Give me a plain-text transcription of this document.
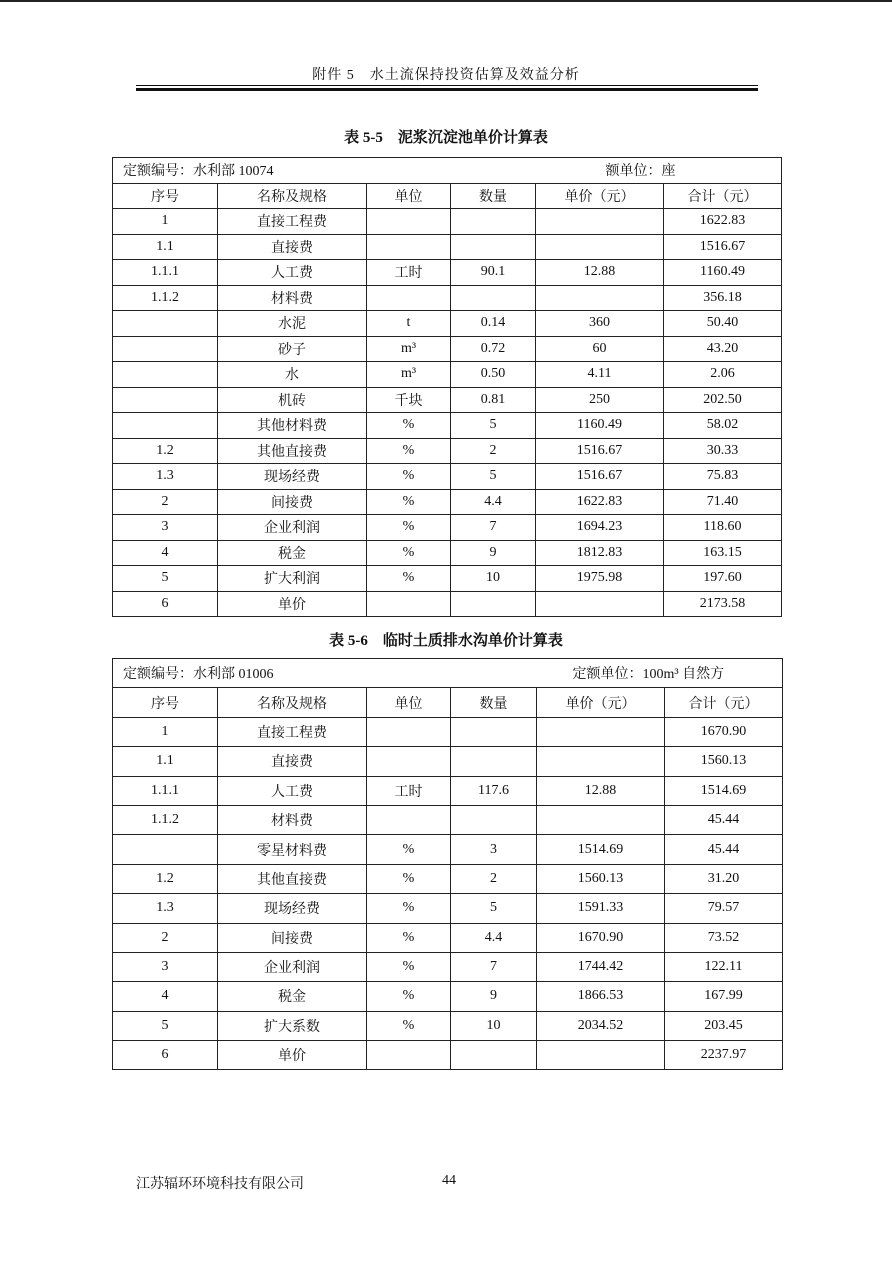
附件 5　水土流保持投资估算及效益分析
表 5-5　泥浆沉淀池单价计算表
定额编号：水利部 10074				额单位：座	
序号	名称及规格	单位	数量	单价（元）	合计（元）
1	直接工程费				1622.83
1.1	直接费				1516.67
1.1.1	人工费	工时	90.1	12.88	1160.49
1.1.2	材料费				356.18
	水泥	t	0.14	360	50.40
	砂子	m³	0.72	60	43.20
	水	m³	0.50	4.11	2.06
	机砖	千块	0.81	250	202.50
	其他材料费	%	5	1160.49	58.02
1.2	其他直接费	%	2	1516.67	30.33
1.3	现场经费	%	5	1516.67	75.83
2	间接费	%	4.4	1622.83	71.40
3	企业利润	%	7	1694.23	118.60
4	税金	%	9	1812.83	163.15
5	扩大利润	%	10	1975.98	197.60
6	单价				2173.58
表 5-6　临时土质排水沟单价计算表
定额编号：水利部 01006				定额单位：100m³ 自然方	
序号	名称及规格	单位	数量	单价（元）	合计（元）
1	直接工程费				1670.90
1.1	直接费				1560.13
1.1.1	人工费	工时	117.6	12.88	1514.69
1.1.2	材料费				45.44
	零星材料费	%	3	1514.69	45.44
1.2	其他直接费	%	2	1560.13	31.20
1.3	现场经费	%	5	1591.33	79.57
2	间接费	%	4.4	1670.90	73.52
3	企业利润	%	7	1744.42	122.11
4	税金	%	9	1866.53	167.99
5	扩大系数	%	10	2034.52	203.45
6	单价				2237.97
江苏辐环环境科技有限公司	44
